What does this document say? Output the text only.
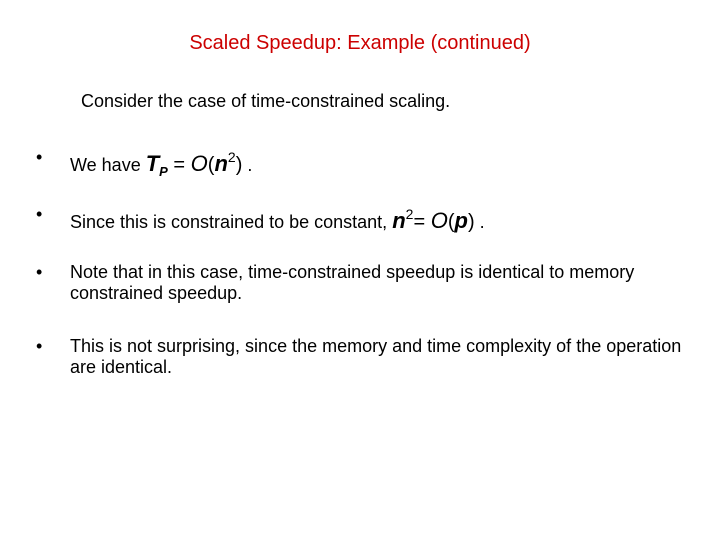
Scaled Speedup: Example (continued)
Consider the case of time-constrained scaling.
• We have $T_P = O(n^2)$ .
• Since this is constrained to be constant, $n^2= O(p)$ .
• Note that in this case, time-constrained speedup is identical to memory constrained speedup.
• This is not surprising, since the memory and time complexity of the operation are identical.
